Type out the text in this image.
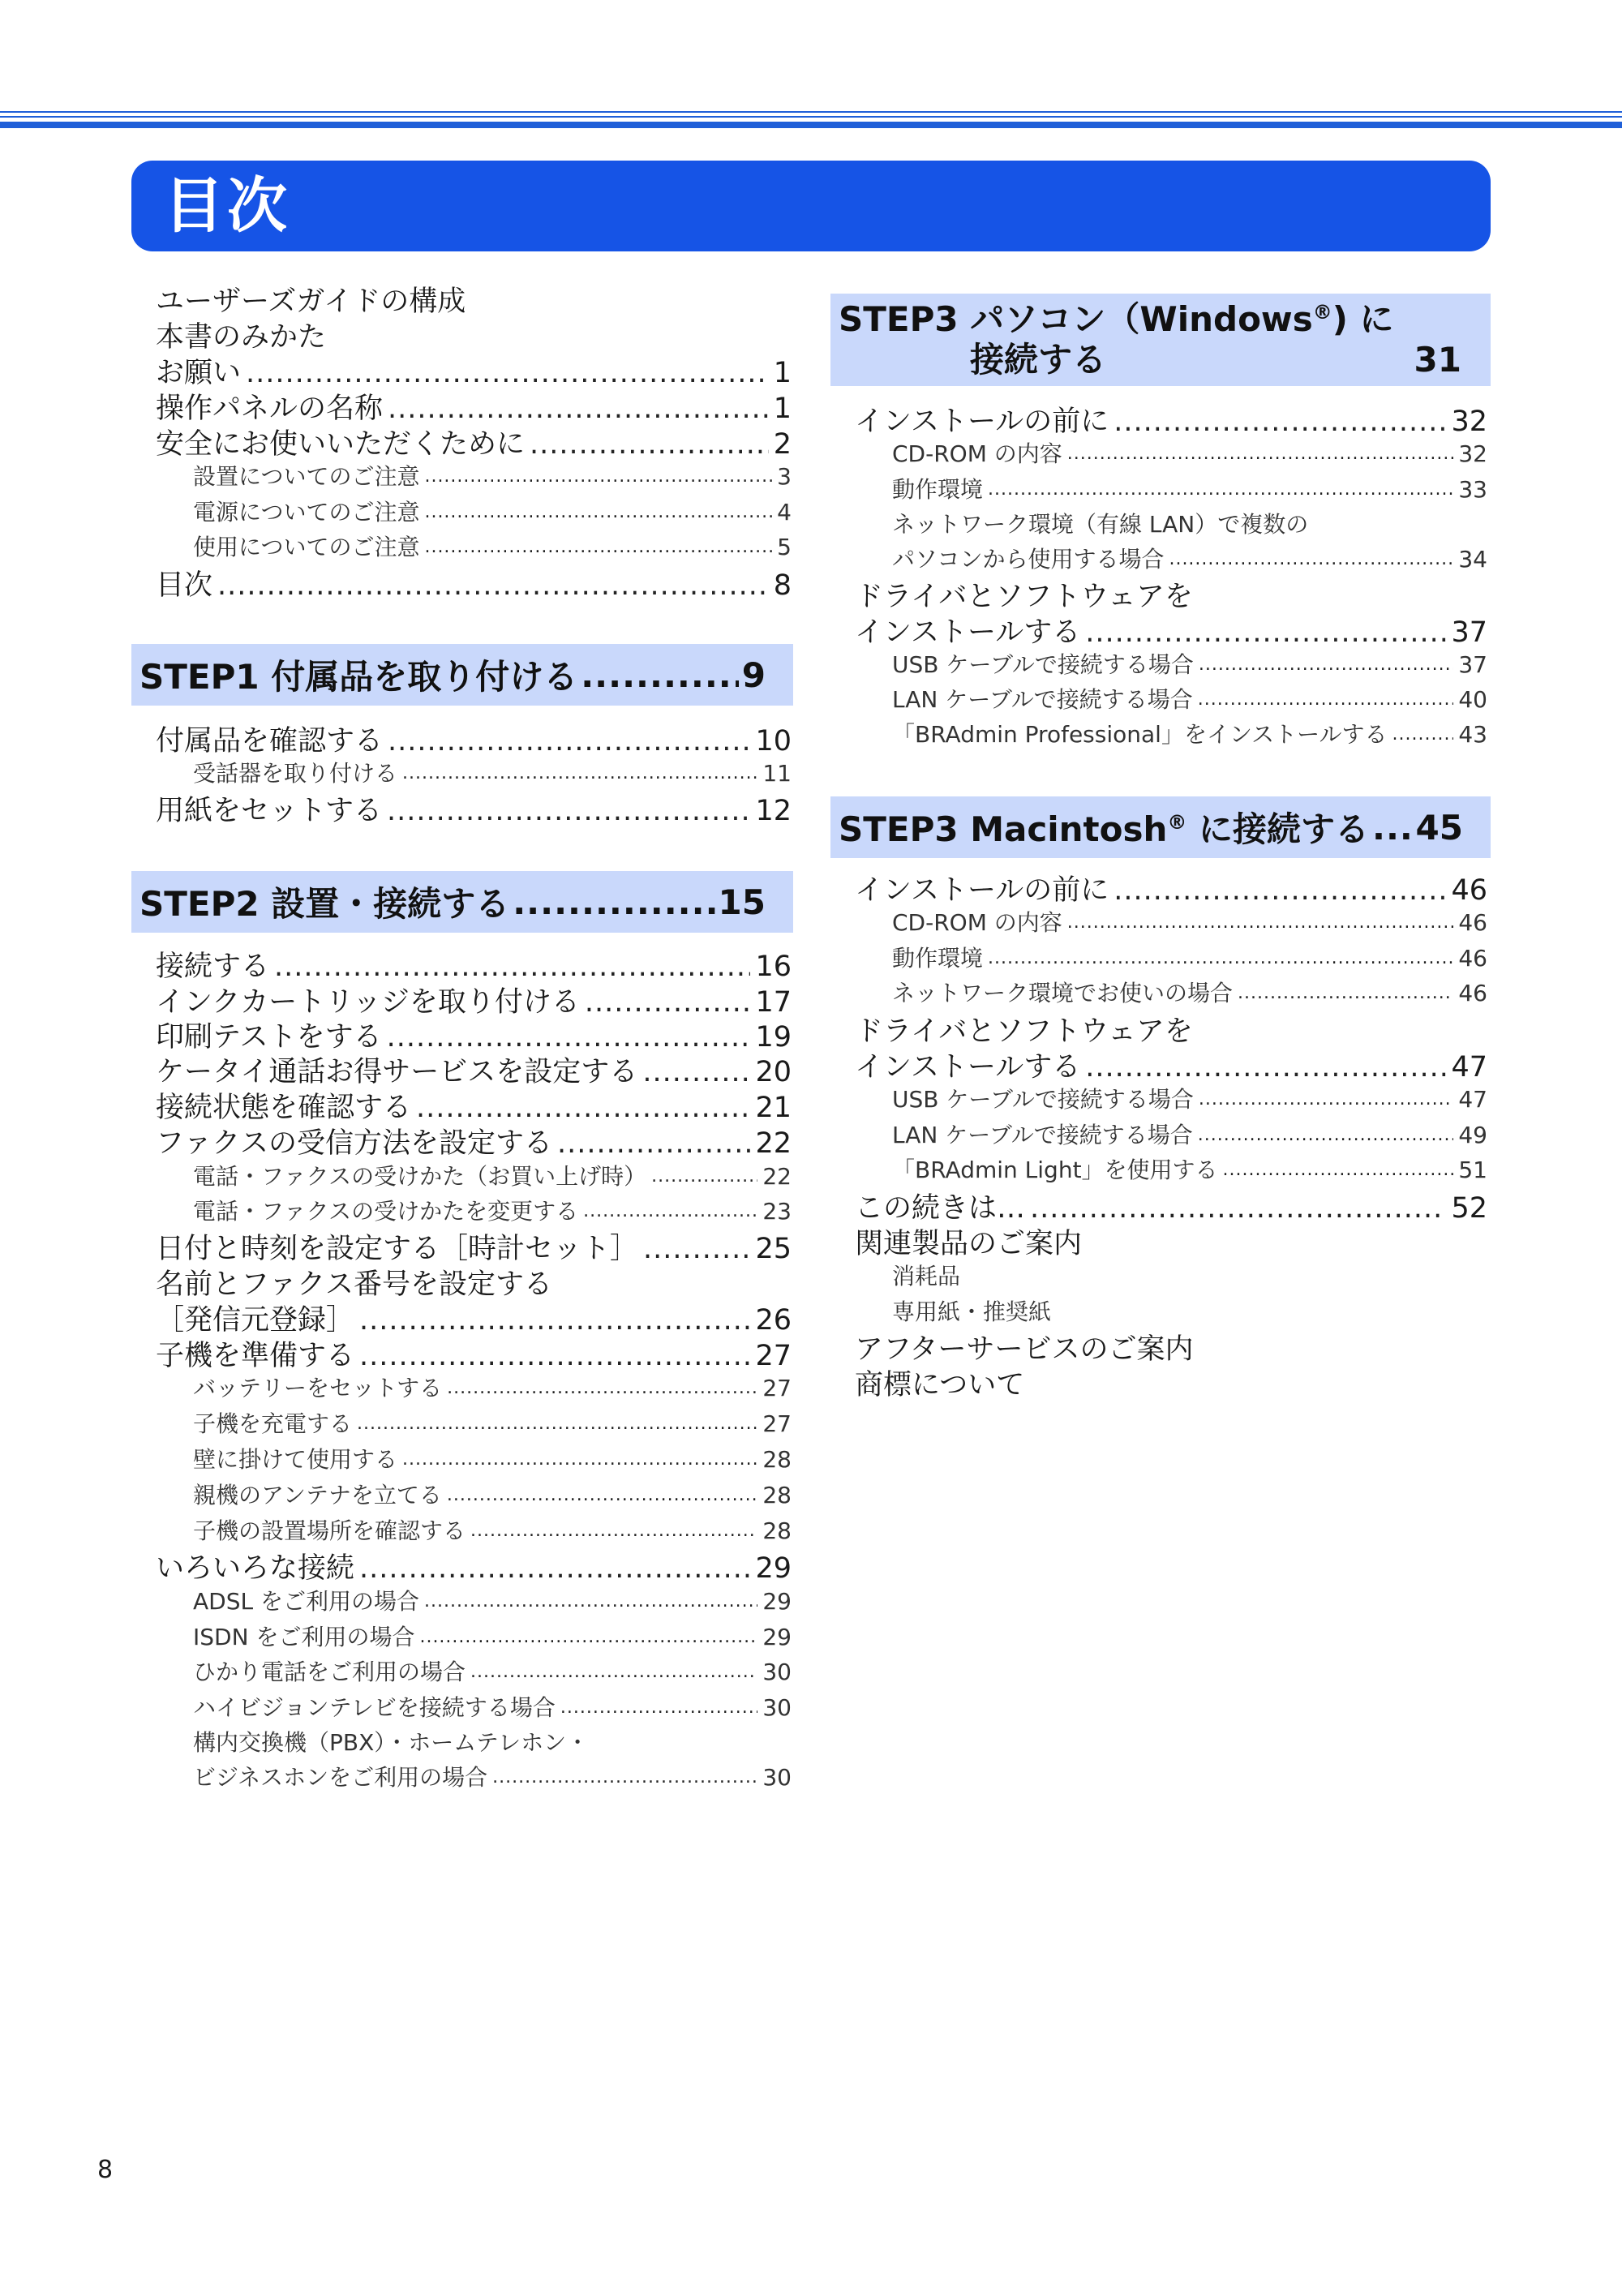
目次
ユーザーズガイドの構成
本書のみかた
お願い .....	1
操作パネルの名称 .....	1
安全にお使いいただくために .....	2
設置についてのご注意 .....	3
電源についてのご注意 .....	4
使用についてのご注意 .....	5
目次 .....	8
STEP1 付属品を取り付ける .....	9
付属品を確認する .....	10
受話器を取り付ける .....	11
用紙をセットする .....	12
STEP2 設置・接続する .....	15
接続する .....	16
インクカートリッジを取り付ける .....	17
印刷テストをする .....	19
ケータイ通話お得サービスを設定する .....	20
接続状態を確認する .....	21
ファクスの受信方法を設定する .....	22
電話・ファクスの受けかた（お買い上げ時） .....	22
電話・ファクスの受けかたを変更する .....	23
日付と時刻を設定する［時計セット］ .....	25
名前とファクス番号を設定する
［発信元登録］ .....	26
子機を準備する .....	27
バッテリーをセットする .....	27
子機を充電する .....	27
壁に掛けて使用する .....	28
親機のアンテナを立てる .....	28
子機の設置場所を確認する .....	28
いろいろな接続 .....	29
ADSL をご利用の場合 .....	29
ISDN をご利用の場合 .....	29
ひかり電話をご利用の場合 .....	30
ハイビジョンテレビを接続する場合 .....	30
構内交換機（PBX）・ホームテレホン・
ビジネスホンをご利用の場合 .....	30
STEP3 パソコン（Windows®) に
接続する	31
インストールの前に .....	32
CD-ROM の内容 .....	32
動作環境 .....	33
ネットワーク環境（有線 LAN）で複数の
パソコンから使用する場合 .....	34
ドライバとソフトウェアを
インストールする .....	37
USB ケーブルで接続する場合 .....	37
LAN ケーブルで接続する場合 .....	40
「BRAdmin Professional」をインストールする .....	43
STEP3 Macintosh® に接続する ..... 45
インストールの前に .....	46
CD-ROM の内容 .....	46
動作環境 .....	46
ネットワーク環境でお使いの場合 .....	46
ドライバとソフトウェアを
インストールする .....	47
USB ケーブルで接続する場合 .....	47
LAN ケーブルで接続する場合 .....	49
「BRAdmin Light」を使用する .....	51
この続きは… .....	52
関連製品のご案内
消耗品
専用紙・推奨紙
アフターサービスのご案内
商標について
8
